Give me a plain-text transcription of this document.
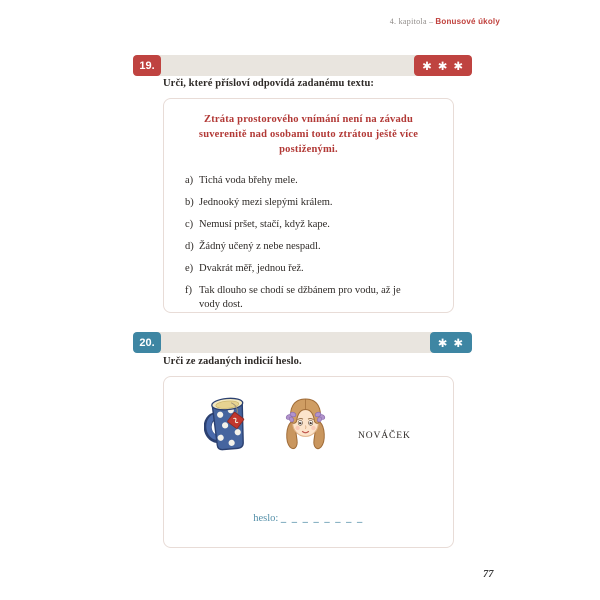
4. kapitola – Bonusové úkoly
19.	✱ ✱ ✱
Urči, které přísloví odpovídá zadanému textu:

Ztráta prostorového vnímání není na závadu suverenitě nad osobami touto ztrátou ještě více postiženými.

a) Tichá voda břehy mele.
b) Jednooký mezi slepými králem.
c) Nemusí pršet, stačí, když kape.
d) Žádný učený z nebe nespadl.
e) Dvakrát měř, jednou řež.
f) Tak dlouho se chodí se džbánem pro vodu, až je vody dost.
20.	✱ ✱
Urči ze zadaných indicií heslo.
NOVÁČEK
heslo: _ _ _ _ _ _ _ _
77
